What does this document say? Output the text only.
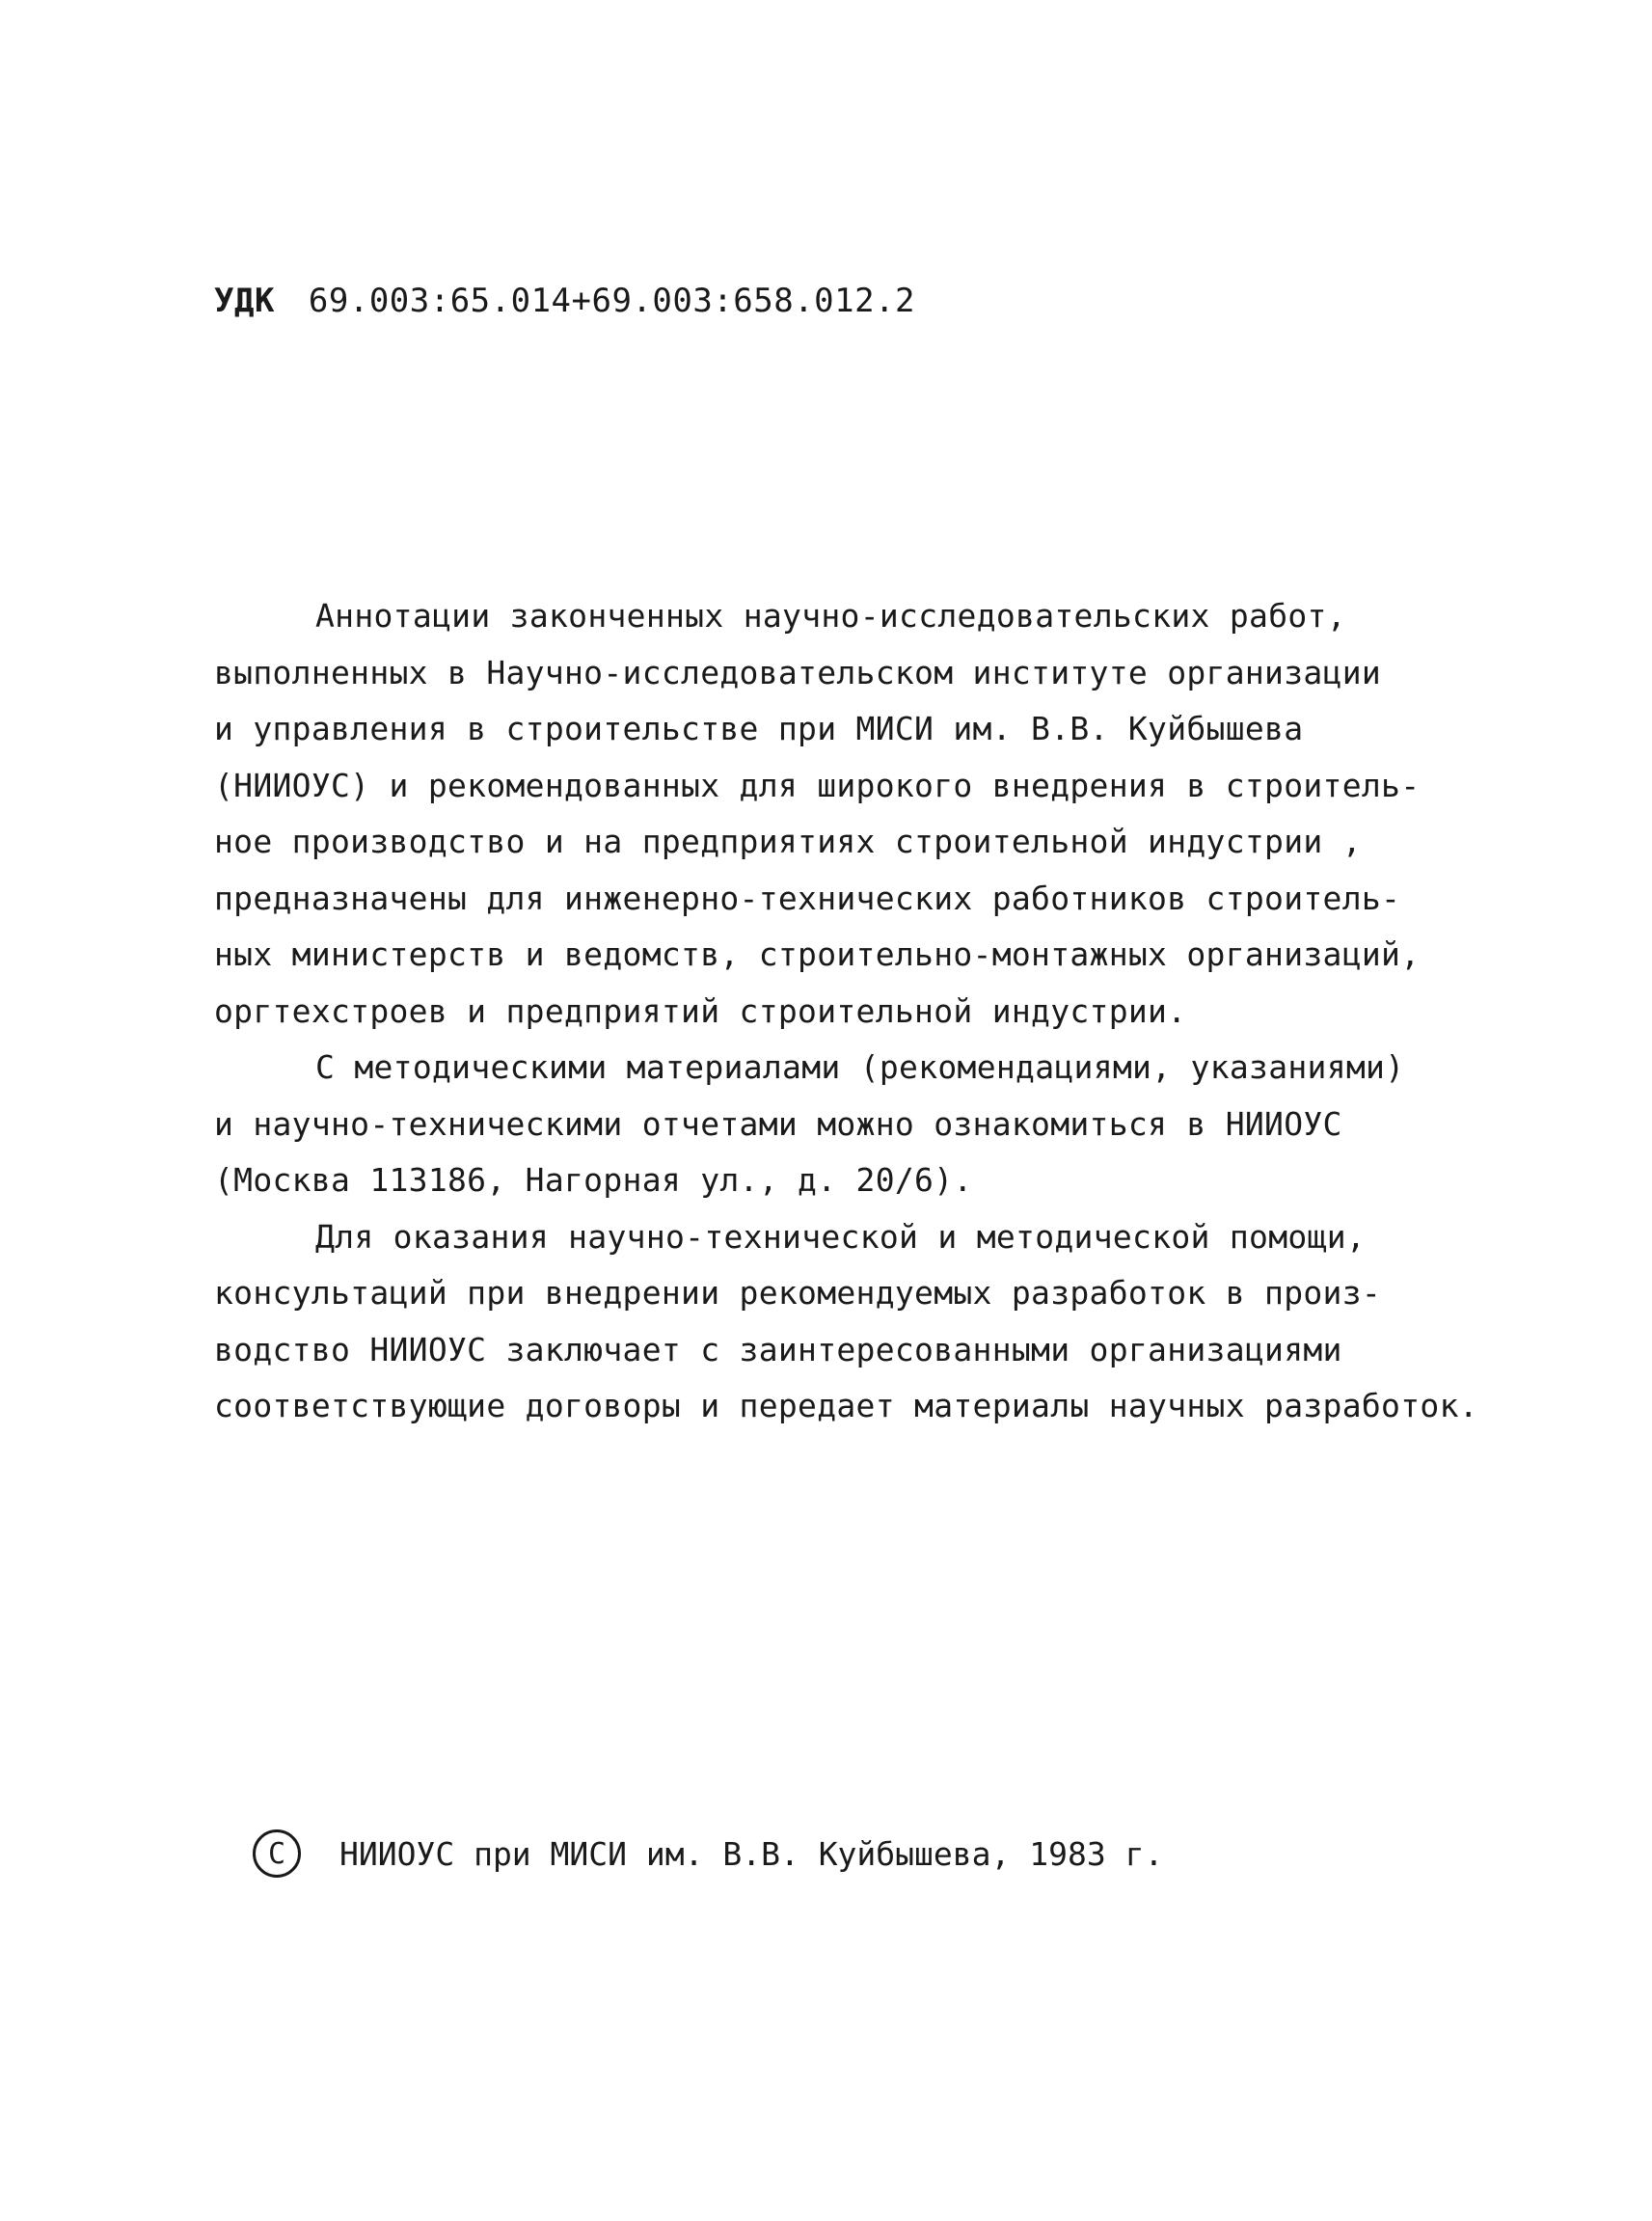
УДК 69.003:65.014+69.003:658.012.2
Аннотации законченных научно-исследовательских работ,
выполненных в Научно-исследовательском институте организации
и управления в строительстве при МИСИ им. В.В. Куйбышева
(НИИОУС) и рекомендованных для широкого внедрения в строитель-
ное производство и на предприятиях строительной индустрии ,
предназначены для инженерно-технических работников строитель-
ных министерств и ведомств, строительно-монтажных организаций,
оргтехстроев и предприятий строительной индустрии.
С методическими материалами (рекомендациями, указаниями)
и научно-техническими отчетами можно ознакомиться в НИИОУС
(Москва 113186, Нагорная ул., д. 20/6).
Для оказания научно-технической и методической помощи,
консультаций при внедрении рекомендуемых разработок в произ-
водство НИИОУС заключает с заинтересованными организациями
соответствующие договоры и передает материалы научных разработок.
С	НИИОУС при МИСИ им. В.В. Куйбышева, 1983 г.
